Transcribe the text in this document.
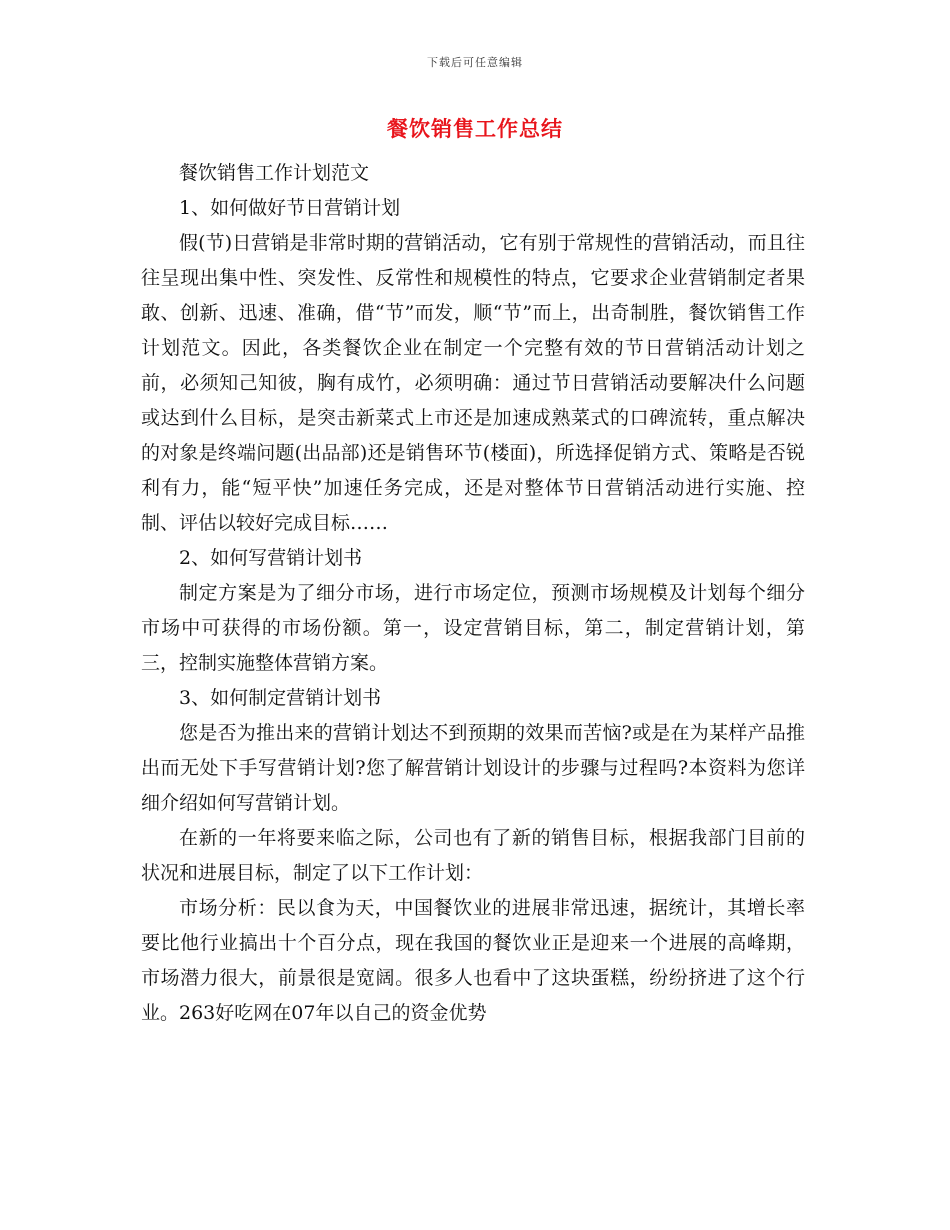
下载后可任意编辑
餐饮销售工作总结

餐饮销售工作计划范文

1、如何做好节日营销计划

假(节)日营销是非常时期的营销活动，它有别于常规性的营销活动，而且往往呈现出集中性、突发性、反常性和规模性的特点，它要求企业营销制定者果敢、创新、迅速、准确，借“节”而发，顺“节”而上，出奇制胜，餐饮销售工作计划范文。因此，各类餐饮企业在制定一个完整有效的节日营销活动计划之前，必须知己知彼，胸有成竹，必须明确：通过节日营销活动要解决什么问题或达到什么目标，是突击新菜式上市还是加速成熟菜式的口碑流转，重点解决的对象是终端问题(出品部)还是销售环节(楼面)，所选择促销方式、策略是否锐利有力，能“短平快”加速任务完成，还是对整体节日营销活动进行实施、控制、评估以较好完成目标……

2、如何写营销计划书

制定方案是为了细分市场，进行市场定位，预测市场规模及计划每个细分市场中可获得的市场份额。第一，设定营销目标，第二，制定营销计划，第三，控制实施整体营销方案。

3、如何制定营销计划书

您是否为推出来的营销计划达不到预期的效果而苦恼?或是在为某样产品推出而无处下手写营销计划?您了解营销计划设计的步骤与过程吗?本资料为您详细介绍如何写营销计划。

在新的一年将要来临之际，公司也有了新的销售目标，根据我部门目前的状况和进展目标，制定了以下工作计划：

市场分析：民以食为天，中国餐饮业的进展非常迅速，据统计，其增长率要比他行业搞出十个百分点，现在我国的餐饮业正是迎来一个进展的高峰期，市场潜力很大，前景很是宽阔。很多人也看中了这块蛋糕，纷纷挤进了这个行业。263好吃网在07年以自己的资金优势
